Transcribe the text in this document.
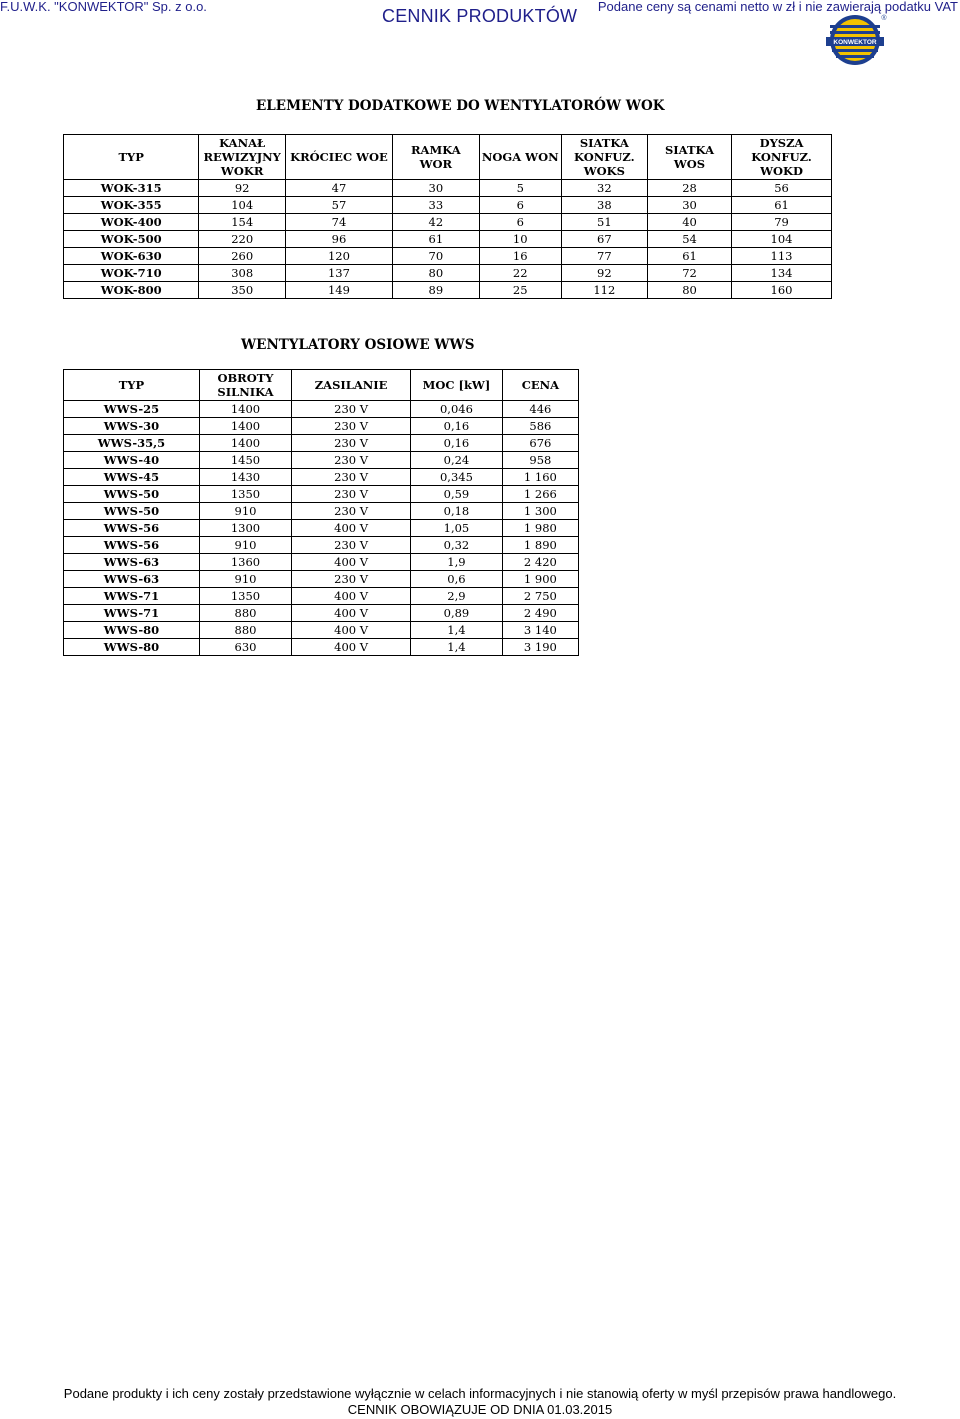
F.U.W.K. "KONWEKTOR" Sp. z o.o.	CENNIK PRODUKTÓW Podane ceny są cenami netto w zł i nie zawierają podatku VAT
KONWEKTOR
®
ELEMENTY DODATKOWE DO WENTYLATORÓW WOK
TYP	KANAŁ REWIZYJNY WOKR	KRÓCIEC WOE	RAMKA WOR	NOGA WON	SIATKA KONFUZ. WOKS	SIATKA WOS	DYSZA KONFUZ. WOKD
WOK-315	92	47	30	5	32	28	56
WOK-355	104	57	33	6	38	30	61
WOK-400	154	74	42	6	51	40	79
WOK-500	220	96	61	10	67	54	104
WOK-630	260	120	70	16	77	61	113
WOK-710	308	137	80	22	92	72	134
WOK-800	350	149	89	25	112	80	160
WENTYLATORY OSIOWE WWS
TYP	OBROTY SILNIKA	ZASILANIE	MOC [kW]	CENA
WWS-25	1400	230 V	0,046	446
WWS-30	1400	230 V	0,16	586
WWS-35,5	1400	230 V	0,16	676
WWS-40	1450	230 V	0,24	958
WWS-45	1430	230 V	0,345	1 160
WWS-50	1350	230 V	0,59	1 266
WWS-50	910	230 V	0,18	1 300
WWS-56	1300	400 V	1,05	1 980
WWS-56	910	230 V	0,32	1 890
WWS-63	1360	400 V	1,9	2 420
WWS-63	910	230 V	0,6	1 900
WWS-71	1350	400 V	2,9	2 750
WWS-71	880	400 V	0,89	2 490
WWS-80	880	400 V	1,4	3 140
WWS-80	630	400 V	1,4	3 190
Podane produkty i ich ceny zostały przedstawione wyłącznie w celach informacyjnych i nie stanowią oferty w myśl przepisów prawa handlowego.
CENNIK OBOWIĄZUJE OD DNIA 01.03.2015
